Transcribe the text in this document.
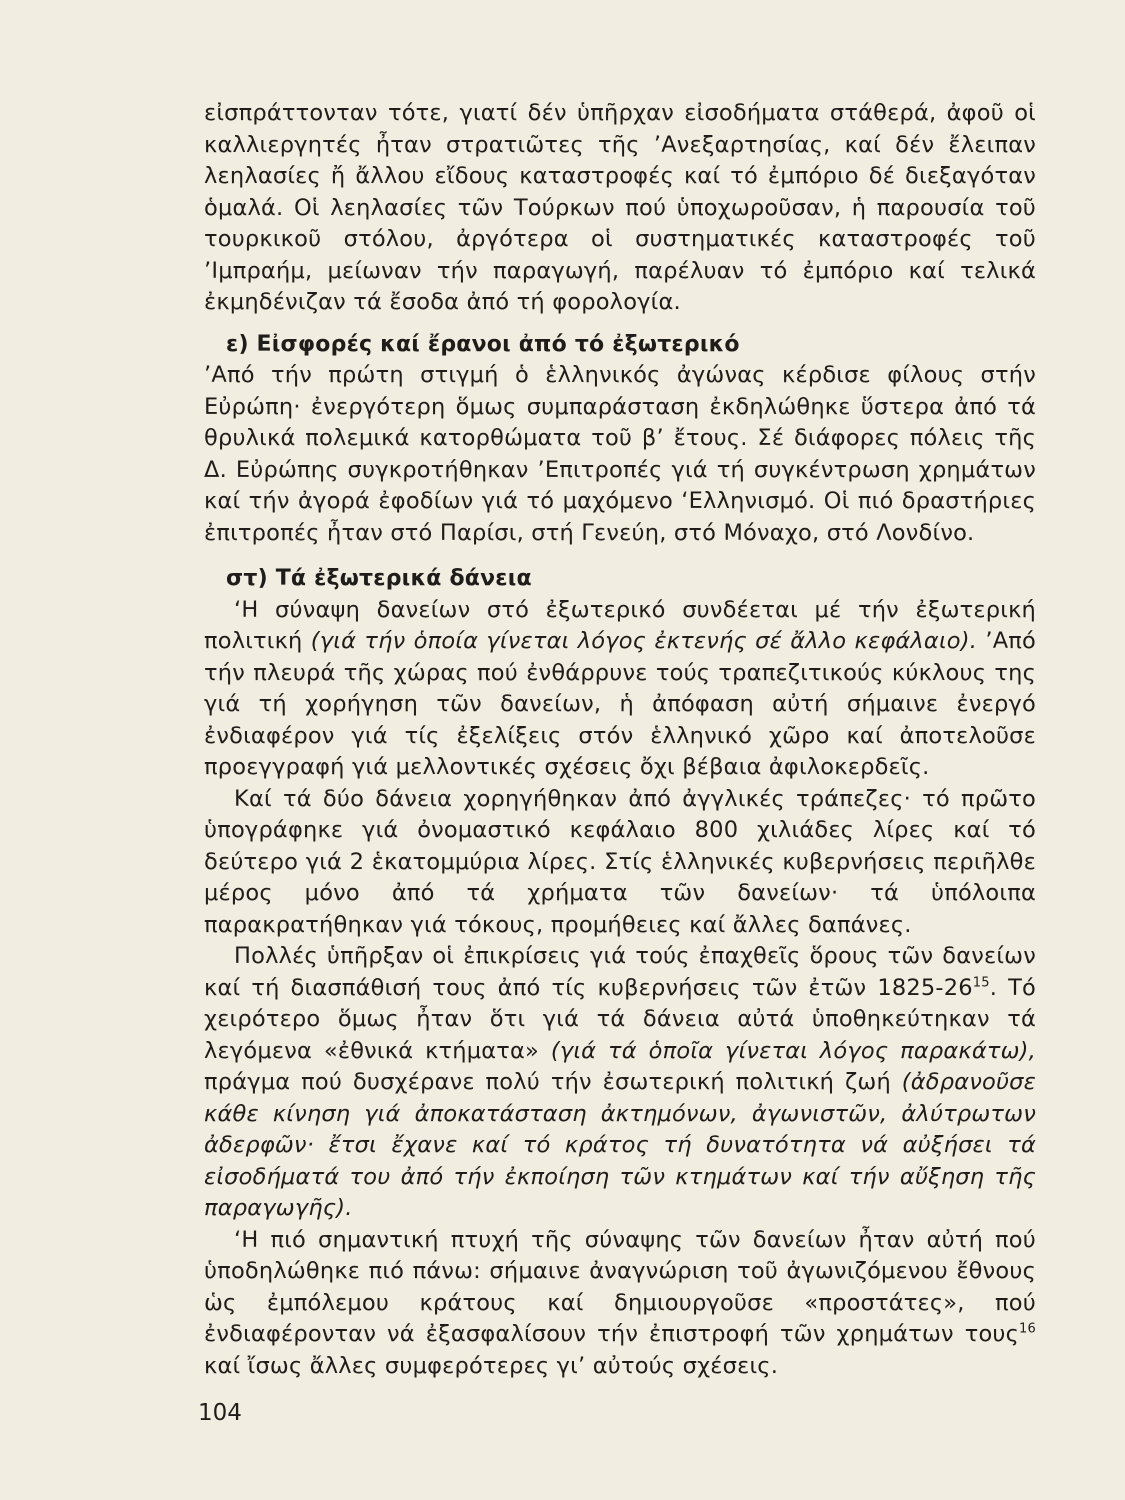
εἰσπράττονταν τότε, γιατί δέν ὑπῆρχαν εἰσοδήματα στάθερά, ἀφοῦ οἱ καλλιεργητές ἦταν στρατιῶτες τῆς ’Ανεξαρτησίας, καί δέν ἔλειπαν λεηλασίες ἤ ἄλλου εἴδους καταστροφές καί τό ἐμπόριο δέ διεξαγόταν ὁμαλά. Οἱ λεηλασίες τῶν Τούρκων πού ὑποχωροῦσαν, ἡ παρουσία τοῦ τουρκικοῦ στόλου, ἀργότερα οἱ συστηματικές καταστροφές τοῦ ’Ιμπραήμ, μείωναν τήν παραγωγή, παρέλυαν τό ἐμπόριο καί τελικά ἐκμηδένιζαν τά ἔσοδα ἀπό τή φορολογία.

ε) Εἰσφορές καί ἔρανοι ἀπό τό ἐξωτερικό

’Από τήν πρώτη στιγμή ὁ ἑλληνικός ἀγώνας κέρδισε φίλους στήν Εὐρώπη· ἐνεργότερη ὅμως συμπαράσταση ἐκδηλώθηκε ὕστερα ἀπό τά θρυλικά πολεμικά κατορθώματα τοῦ β’ ἔτους. Σέ διάφορες πόλεις τῆς Δ. Εὐρώπης συγκροτήθηκαν ’Επιτροπές γιά τή συγκέντρωση χρημάτων καί τήν ἀγορά ἐφοδίων γιά τό μαχόμενο ‘Ελληνισμό. Οἱ πιό δραστήριες ἐπιτροπές ἦταν στό Παρίσι, στή Γενεύη, στό Μόναχο, στό Λονδίνο.

στ) Τά ἐξωτερικά δάνεια

‘Η σύναψη δανείων στό ἐξωτερικό συνδέεται μέ τήν ἐξωτερική πολιτική (γιά τήν ὁποία γίνεται λόγος ἐκτενής σέ ἄλλο κεφάλαιο). ’Από τήν πλευρά τῆς χώρας πού ἐνθάρρυνε τούς τραπεζιτικούς κύκλους της γιά τή χορήγηση τῶν δανείων, ἡ ἀπόφαση αὐτή σήμαινε ἐνεργό ἐνδιαφέρον γιά τίς ἐξελίξεις στόν ἑλληνικό χῶρο καί ἀποτελοῦσε προεγγραφή γιά μελλοντικές σχέσεις ὄχι βέβαια ἀφιλοκερδεῖς.

Καί τά δύο δάνεια χορηγήθηκαν ἀπό ἀγγλικές τράπεζες· τό πρῶτο ὑπογράφηκε γιά ὀνομαστικό κεφάλαιο 800 χιλιάδες λίρες καί τό δεύτερο γιά 2 ἑκατομμύρια λίρες. Στίς ἑλληνικές κυβερνήσεις περιῆλθε μέρος μόνο ἀπό τά χρήματα τῶν δανείων· τά ὑπόλοιπα παρακρατήθηκαν γιά τόκους, προμήθειες καί ἄλλες δαπάνες.

Πολλές ὑπῆρξαν οἱ ἐπικρίσεις γιά τούς ἐπαχθεῖς ὅρους τῶν δανείων καί τή διασπάθισή τους ἀπό τίς κυβερνήσεις τῶν ἐτῶν $1825-26^{15}$. Τό χειρότερο ὅμως ἦταν ὅτι γιά τά δάνεια αὐτά ὑποθηκεύτηκαν τά λεγόμενα «ἐθνικά κτήματα» (γιά τά ὁποῖα γίνεται λόγος παρακάτω), πράγμα πού δυσχέρανε πολύ τήν ἐσωτερική πολιτική ζωή (ἀδρανοῦσε κάθε κίνηση γιά ἀποκατάσταση ἀκτημόνων, ἀγωνιστῶν, ἀλύτρωτων ἀδερφῶν· ἔτσι ἔχανε καί τό κράτος τή δυνατότητα νά αὐξήσει τά εἰσοδήματά του ἀπό τήν ἐκποίηση τῶν κτημάτων καί τήν αὔξηση τῆς παραγωγῆς).

‘Η πιό σημαντική πτυχή τῆς σύναψης τῶν δανείων ἦταν αὐτή πού ὑποδηλώθηκε πιό πάνω: σήμαινε ἀναγνώριση τοῦ ἀγωνιζόμενου ἔθνους ὡς ἐμπόλεμου κράτους καί δημιουργοῦσε «προστάτες», πού ἐνδιαφέρονταν νά ἐξασφαλίσουν τήν ἐπιστροφή τῶν χρημάτων τους$^{16}$ καί ἴσως ἄλλες συμφερότερες γι’ αὐτούς σχέσεις.

104
